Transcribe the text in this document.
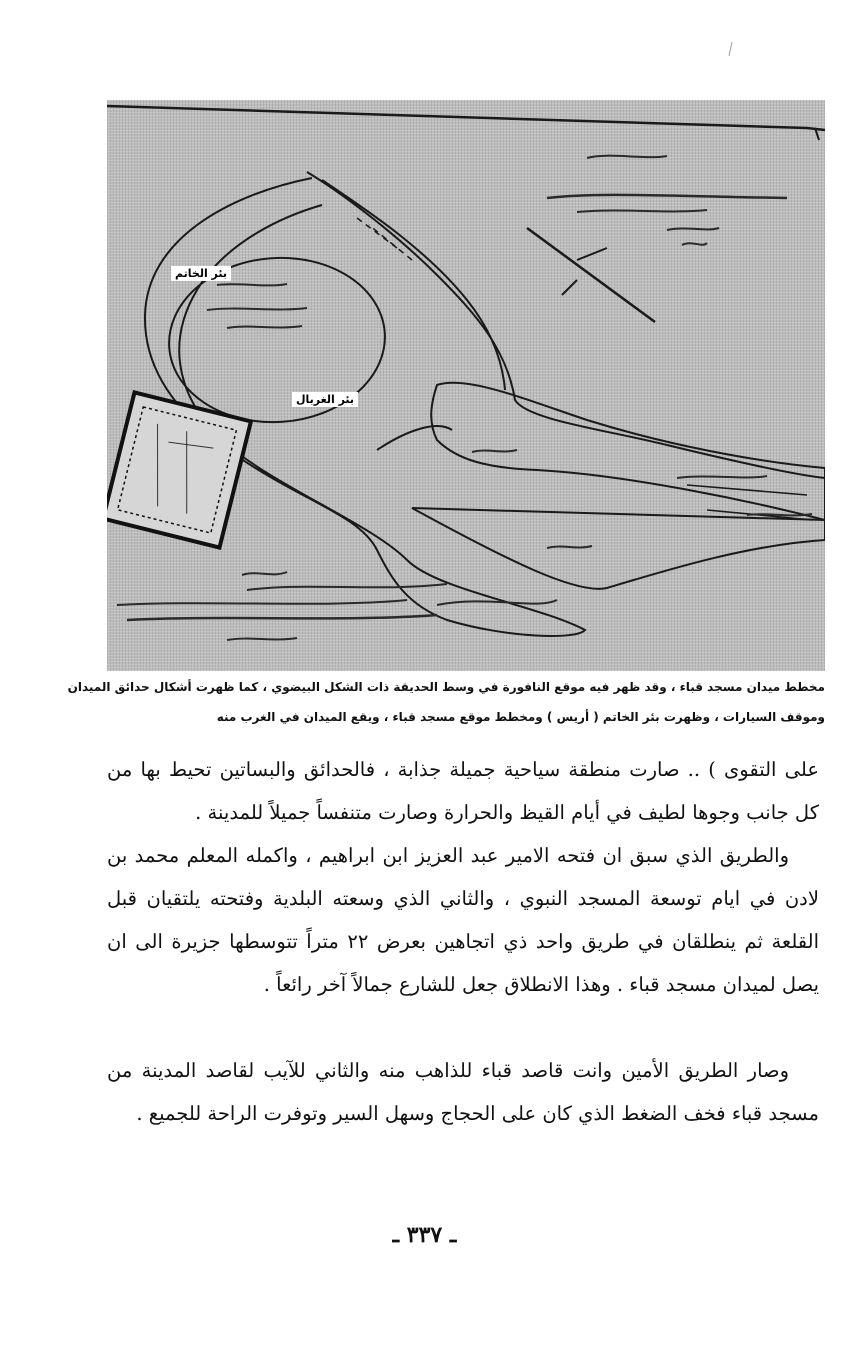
بئر الخاتم
بئر الغربال
مخطط ميدان مسجد قباء ، وقد ظهر فيه موقع النافورة في وسط الحديقة ذات الشكل البيضوي ، كما ظهرت أشكال حدائق الميدان
وموقف السيارات ، وظهرت بئر الخاتم ( أريس ) ومخطط موقع مسجد قباء ، ويقع الميدان في الغرب منه

على التقوى ) .. صارت منطقة سياحية جميلة جذابة ، فالحدائق والبساتين تحيط بها من كل جانب وجوها لطيف في أيام القيظ والحرارة وصارت متنفساً جميلاً للمدينة .

والطريق الذي سبق ان فتحه الامير عبد العزيز ابن ابراهيم ، واكمله المعلم محمد بن لادن في ايام توسعة المسجد النبوي ، والثاني الذي وسعته البلدية وفتحته يلتقيان قبل القلعة ثم ينطلقان في طريق واحد ذي اتجاهين بعرض ٢٢ متراً تتوسطها جزيرة الى ان يصل لميدان مسجد قباء . وهذا الانطلاق جعل للشارع جمالاً آخر رائعاً .

وصار الطريق الأمين وانت قاصد قباء للذاهب منه والثاني للآيب لقاصد المدينة من مسجد قباء فخف الضغط الذي كان على الحجاج وسهل السير وتوفرت الراحة للجميع .

ـ ٣٣٧ ـ
